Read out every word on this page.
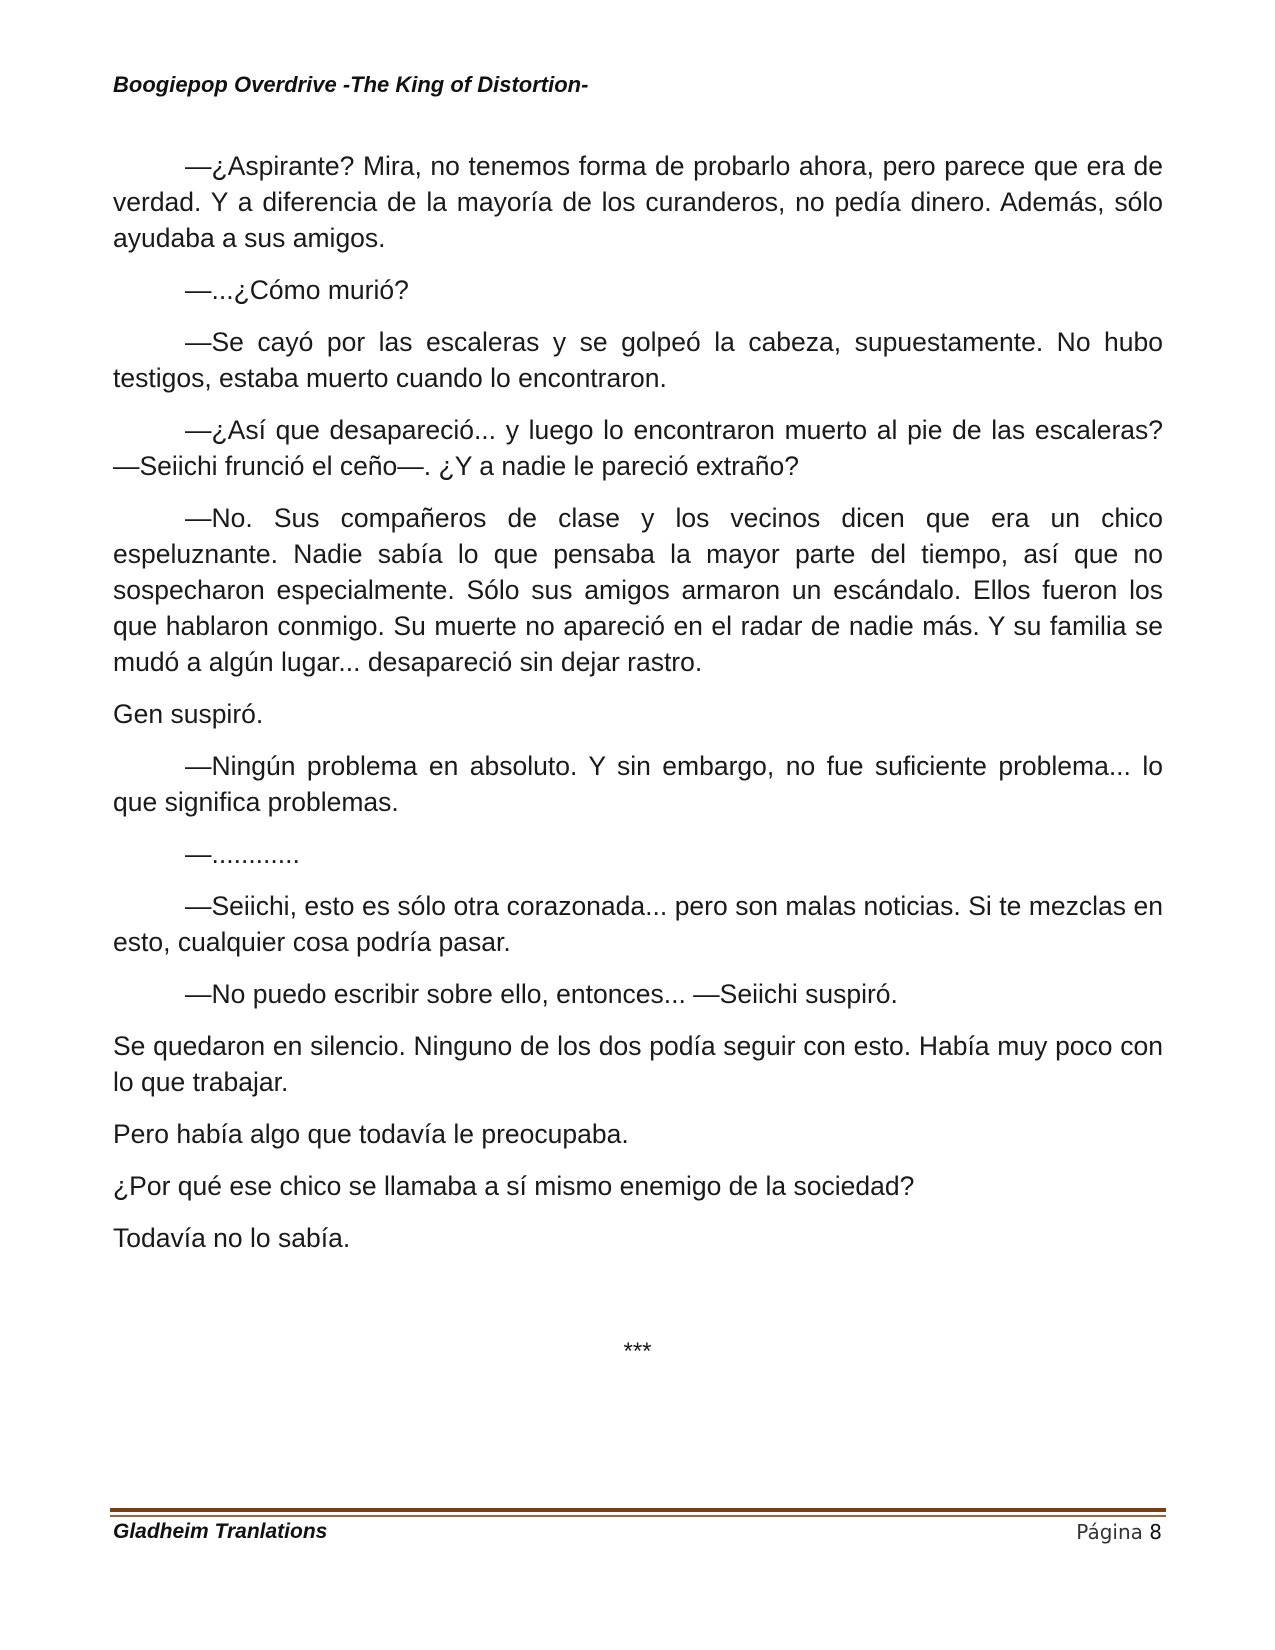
Boogiepop Overdrive -The King of Distortion-

—¿Aspirante? Mira, no tenemos forma de probarlo ahora, pero parece que era de verdad. Y a diferencia de la mayoría de los curanderos, no pedía dinero. Además, sólo ayudaba a sus amigos.

—...¿Cómo murió?

—Se cayó por las escaleras y se golpeó la cabeza, supuestamente. No hubo testigos, estaba muerto cuando lo encontraron.

—¿Así que desapareció... y luego lo encontraron muerto al pie de las escaleras? —Seiichi frunció el ceño—. ¿Y a nadie le pareció extraño?

—No. Sus compañeros de clase y los vecinos dicen que era un chico espeluznante. Nadie sabía lo que pensaba la mayor parte del tiempo, así que no sospecharon especialmente. Sólo sus amigos armaron un escándalo. Ellos fueron los que hablaron conmigo. Su muerte no apareció en el radar de nadie más. Y su familia se mudó a algún lugar... desapareció sin dejar rastro.

Gen suspiró.

—Ningún problema en absoluto. Y sin embargo, no fue suficiente problema... lo que significa problemas.

—............

—Seiichi, esto es sólo otra corazonada... pero son malas noticias. Si te mezclas en esto, cualquier cosa podría pasar.

—No puedo escribir sobre ello, entonces... —Seiichi suspiró.

Se quedaron en silencio. Ninguno de los dos podía seguir con esto. Había muy poco con lo que trabajar.

Pero había algo que todavía le preocupaba.

¿Por qué ese chico se llamaba a sí mismo enemigo de la sociedad?

Todavía no lo sabía.

***
Gladheim Tranlations	Página 8
